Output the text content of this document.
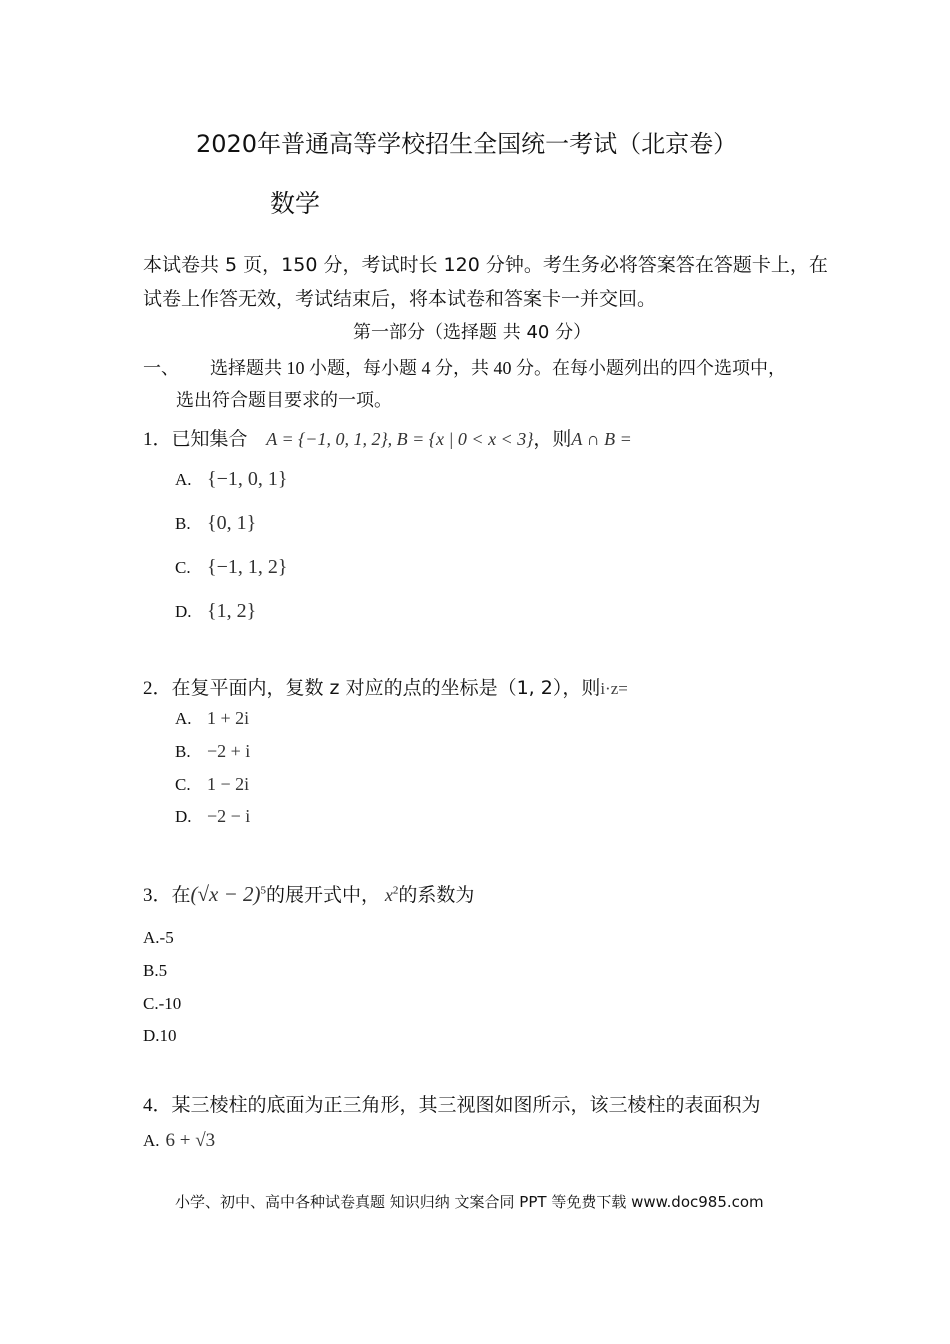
2020年普通高等学校招生全国统一考试（北京卷）
数学
本试卷共 5 页，150 分，考试时长 120 分钟。考生务必将答案答在答题卡上，在
试卷上作答无效，考试结束后，将本试卷和答案卡一并交回。
第一部分（选择题 共 40 分）
一、 选择题共 10 小题，每小题 4 分，共 40 分。在每小题列出的四个选项中，
选出符合题目要求的一项。
1．已知集合 A = {−1, 0, 1, 2}, B = {x | 0 < x < 3}，则A ∩ B =
A. {−1, 0, 1}
B. {0, 1}
C. {−1, 1, 2}
D. {1, 2}
2．在复平面内，复数 z 对应的点的坐标是（1, 2），则i·z=
A. 1 + 2i
B. −2 + i
C. 1 − 2i
D. −2 − i
3．在$(√x - 2)^5$的展开式中， $x^2$的系数为
A.-5
B.5
C.-10
D.10
4．某三棱柱的底面为正三角形，其三视图如图所示，该三棱柱的表面积为
A. 6 + √3
小学、初中、高中各种试卷真题 知识归纳 文案合同 PPT 等免费下载 www.doc985.com
